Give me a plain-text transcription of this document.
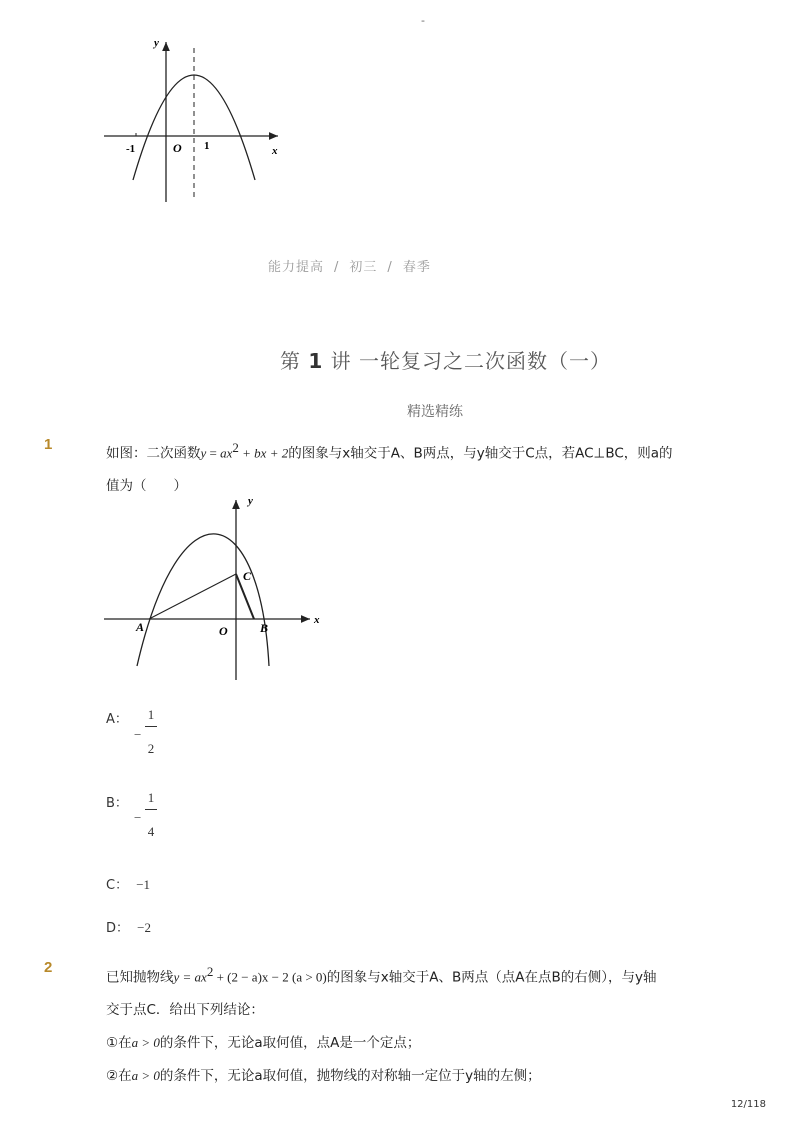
-
y
x
O
-1	1
能力提高 / 初三 / 春季
第 1 讲 一轮复习之二次函数（一）
精选精练
1
如图：二次函数$y = ax^2$ + bx + 2的图象与x轴交于A、B两点，与y轴交于C点，若AC⊥BC，则a的
值为（　　）
y
x
O
A	B
C
A：
−
1
2
B：
−
1
4
C： −1
D： −2
2
已知抛物线$y = ax^2 + (2 - a)x - 2$ (a > 0)的图象与x轴交于A、B两点（点A在点B的右侧），与y轴
交于点C．给出下列结论：
①在a > 0的条件下，无论a取何值，点A是一个定点；
②在a > 0的条件下，无论a取何值，抛物线的对称轴一定位于y轴的左侧；
12/118
